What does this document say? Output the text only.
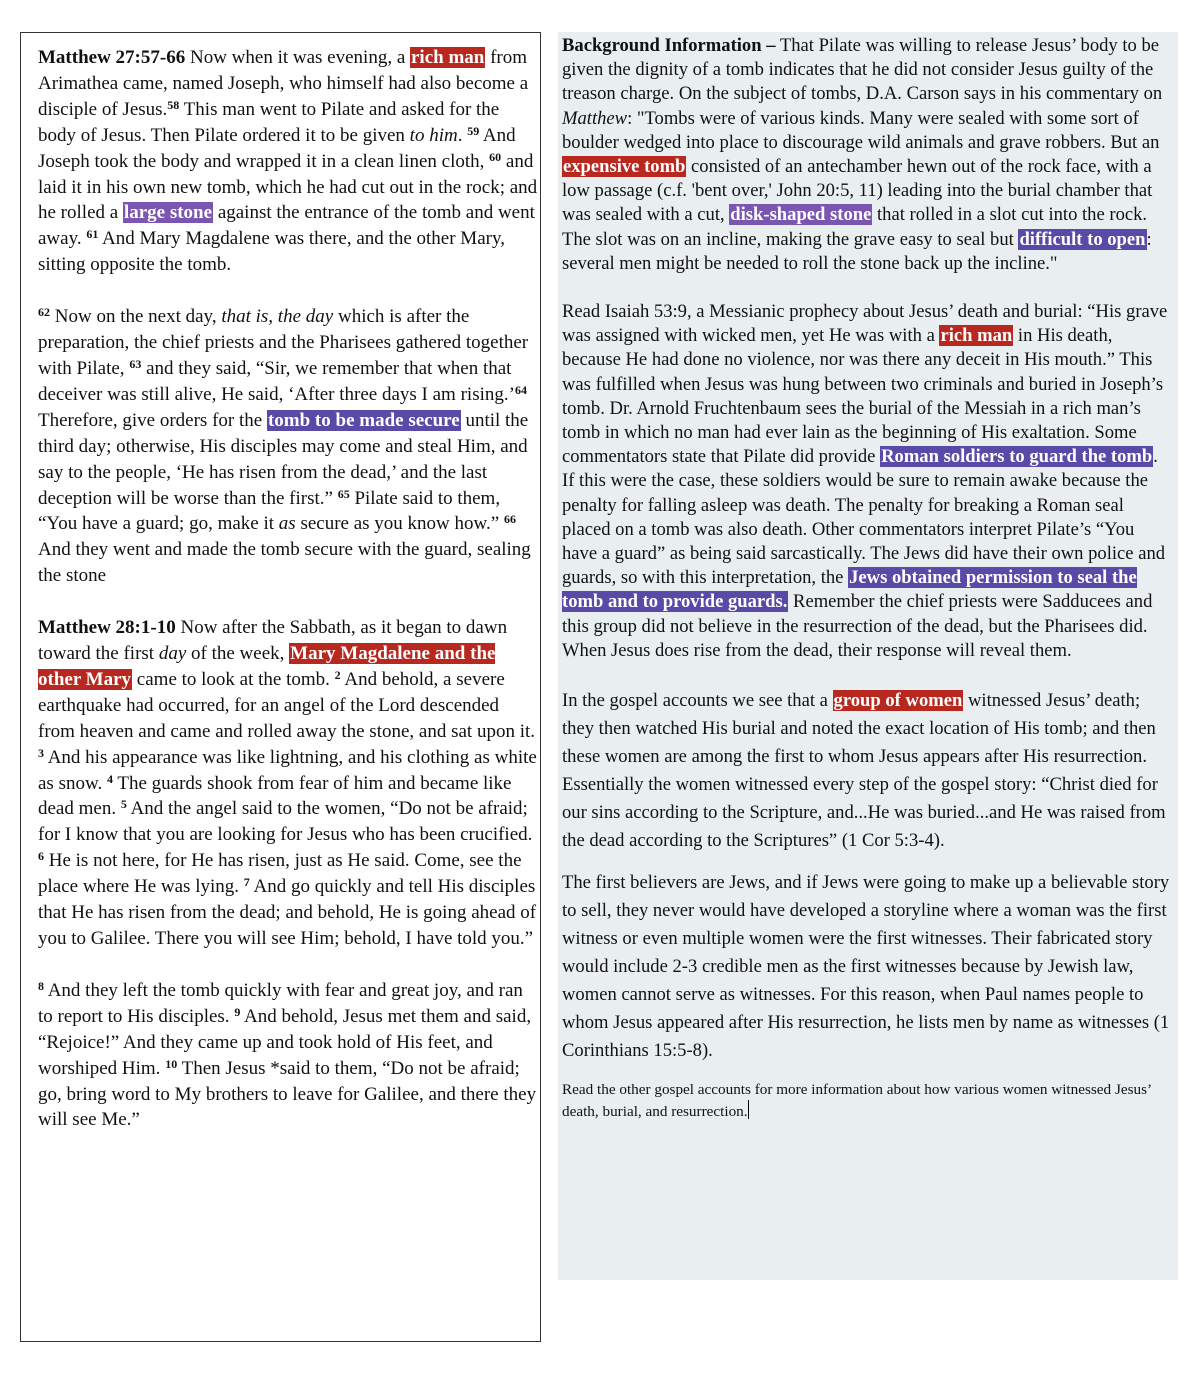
Matthew 27:57-66 Now when it was evening, a rich man from Arimathea came, named Joseph, who himself had also become a disciple of Jesus.$^{58}$ This man went to Pilate and asked for the body of Jesus. Then Pilate ordered it to be given to him. $^{59}$ And Joseph took the body and wrapped it in a clean linen cloth, $^{60}$ and laid it in his own new tomb, which he had cut out in the rock; and he rolled a large stone against the entrance of the tomb and went away. $^{61}$ And Mary Magdalene was there, and the other Mary, sitting opposite the tomb.

$^{62}$ Now on the next day, that is, the day which is after the preparation, the chief priests and the Pharisees gathered together with Pilate, $^{63}$ and they said, “Sir, we remember that when that deceiver was still alive, He said, ‘After three days I am rising.’$^{64}$ Therefore, give orders for the tomb to be made secure until the third day; otherwise, His disciples may come and steal Him, and say to the people, ‘He has risen from the dead,’ and the last deception will be worse than the first.” $^{65}$ Pilate said to them, “You have a guard; go, make it as secure as you know how.” $^{66}$ And they went and made the tomb secure with the guard, sealing the stone

Matthew 28:1-10 Now after the Sabbath, as it began to dawn toward the first day of the week, Mary Magdalene and the other Mary came to look at the tomb. $^2$ And behold, a severe earthquake had occurred, for an angel of the Lord descended from heaven and came and rolled away the stone, and sat upon it. $^3$ And his appearance was like lightning, and his clothing as white as snow. $^4$ The guards shook from fear of him and became like dead men. $^5$ And the angel said to the women, “Do not be afraid; for I know that you are looking for Jesus who has been crucified. $^6$ He is not here, for He has risen, just as He said. Come, see the place where He was lying. $^7$ And go quickly and tell His disciples that He has risen from the dead; and behold, He is going ahead of you to Galilee. There you will see Him; behold, I have told you.”

$^8$ And they left the tomb quickly with fear and great joy, and ran to report to His disciples. $^9$ And behold, Jesus met them and said, “Rejoice!” And they came up and took hold of His feet, and worshiped Him. $^{10}$ Then Jesus *said to them, “Do not be afraid; go, bring word to My brothers to leave for Galilee, and there they will see Me.”

Background Information – That Pilate was willing to release Jesus’ body to be given the dignity of a tomb indicates that he did not consider Jesus guilty of the treason charge. On the subject of tombs, D.A. Carson says in his commentary on Matthew: "Tombs were of various kinds. Many were sealed with some sort of boulder wedged into place to discourage wild animals and grave robbers. But an expensive tomb consisted of an antechamber hewn out of the rock face, with a low passage (c.f. 'bent over,' John 20:5, 11) leading into the burial chamber that was sealed with a cut, disk-shaped stone that rolled in a slot cut into the rock. The slot was on an incline, making the grave easy to seal but difficult to open: several men might be needed to roll the stone back up the incline."

Read Isaiah 53:9, a Messianic prophecy about Jesus’ death and burial: “His grave was assigned with wicked men, yet He was with a rich man in His death, because He had done no violence, nor was there any deceit in His mouth.” This was fulfilled when Jesus was hung between two criminals and buried in Joseph’s tomb. Dr. Arnold Fruchtenbaum sees the burial of the Messiah in a rich man’s tomb in which no man had ever lain as the beginning of His exaltation. Some commentators state that Pilate did provide Roman soldiers to guard the tomb. If this were the case, these soldiers would be sure to remain awake because the penalty for falling asleep was death. The penalty for breaking a Roman seal placed on a tomb was also death. Other commentators interpret Pilate’s “You have a guard” as being said sarcastically. The Jews did have their own police and guards, so with this interpretation, the Jews obtained permission to seal the tomb and to provide guards. Remember the chief priests were Sadducees and this group did not believe in the resurrection of the dead, but the Pharisees did. When Jesus does rise from the dead, their response will reveal them.

In the gospel accounts we see that a group of women witnessed Jesus’ death; they then watched His burial and noted the exact location of His tomb; and then these women are among the first to whom Jesus appears after His resurrection. Essentially the women witnessed every step of the gospel story: “Christ died for our sins according to the Scripture, and...He was buried...and He was raised from the dead according to the Scriptures” (1 Cor 5:3-4).

The first believers are Jews, and if Jews were going to make up a believable story to sell, they never would have developed a storyline where a woman was the first witness or even multiple women were the first witnesses. Their fabricated story would include 2-3 credible men as the first witnesses because by Jewish law, women cannot serve as witnesses. For this reason, when Paul names people to whom Jesus appeared after His resurrection, he lists men by name as witnesses (1 Corinthians 15:5-8).

Read the other gospel accounts for more information about how various women witnessed Jesus’ death, burial, and resurrection.
